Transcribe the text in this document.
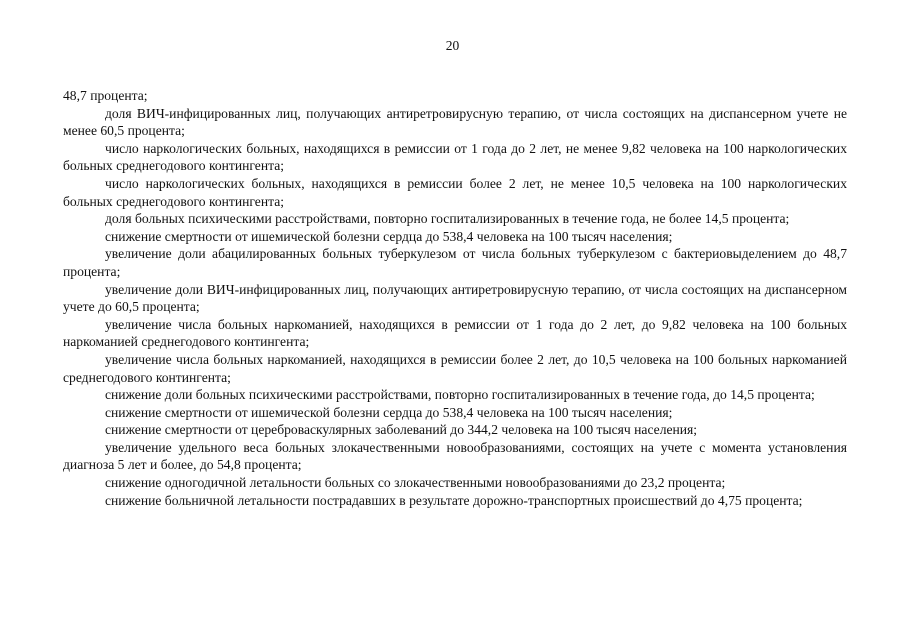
20

48,7 процента;

доля ВИЧ-инфицированных лиц, получающих антиретровирусную терапию, от числа состоящих на диспансерном учете не менее 60,5 процента;

число наркологических больных, находящихся в ремиссии от 1 года до 2 лет, не менее 9,82 человека на 100 наркологических больных среднегодового контингента;

число наркологических больных, находящихся в ремиссии более 2 лет, не менее 10,5 человека на 100 наркологических больных среднегодового контингента;

доля больных психическими расстройствами, повторно госпитализированных в течение года, не более 14,5 процента;

снижение смертности от ишемической болезни сердца до 538,4 человека на 100 тысяч населения;

увеличение доли абацилированных больных туберкулезом от числа больных туберкулезом с бактериовыделением до 48,7 процента;

увеличение доли ВИЧ-инфицированных лиц, получающих антиретровирусную терапию, от числа состоящих на диспансерном учете до 60,5 процента;

увеличение числа больных наркоманией, находящихся в ремиссии от 1 года до 2 лет, до 9,82 человека на 100 больных наркоманией среднегодового контингента;

увеличение числа больных наркоманией, находящихся в ремиссии более 2 лет, до 10,5 человека на 100 больных наркоманией среднегодового контингента;

снижение доли больных психическими расстройствами, повторно госпитализированных в течение года, до 14,5 процента;

снижение смертности от ишемической болезни сердца до 538,4 человека на 100 тысяч населения;

снижение смертности от цереброваскулярных заболеваний до 344,2 человека на 100 тысяч населения;

увеличение удельного веса больных злокачественными новообразованиями, состоящих на учете с момента установления диагноза 5 лет и более, до 54,8 процента;

снижение одногодичной летальности больных со злокачественными новообразованиями до 23,2 процента;

снижение больничной летальности пострадавших в результате дорожно-транспортных происшествий до 4,75 процента;
